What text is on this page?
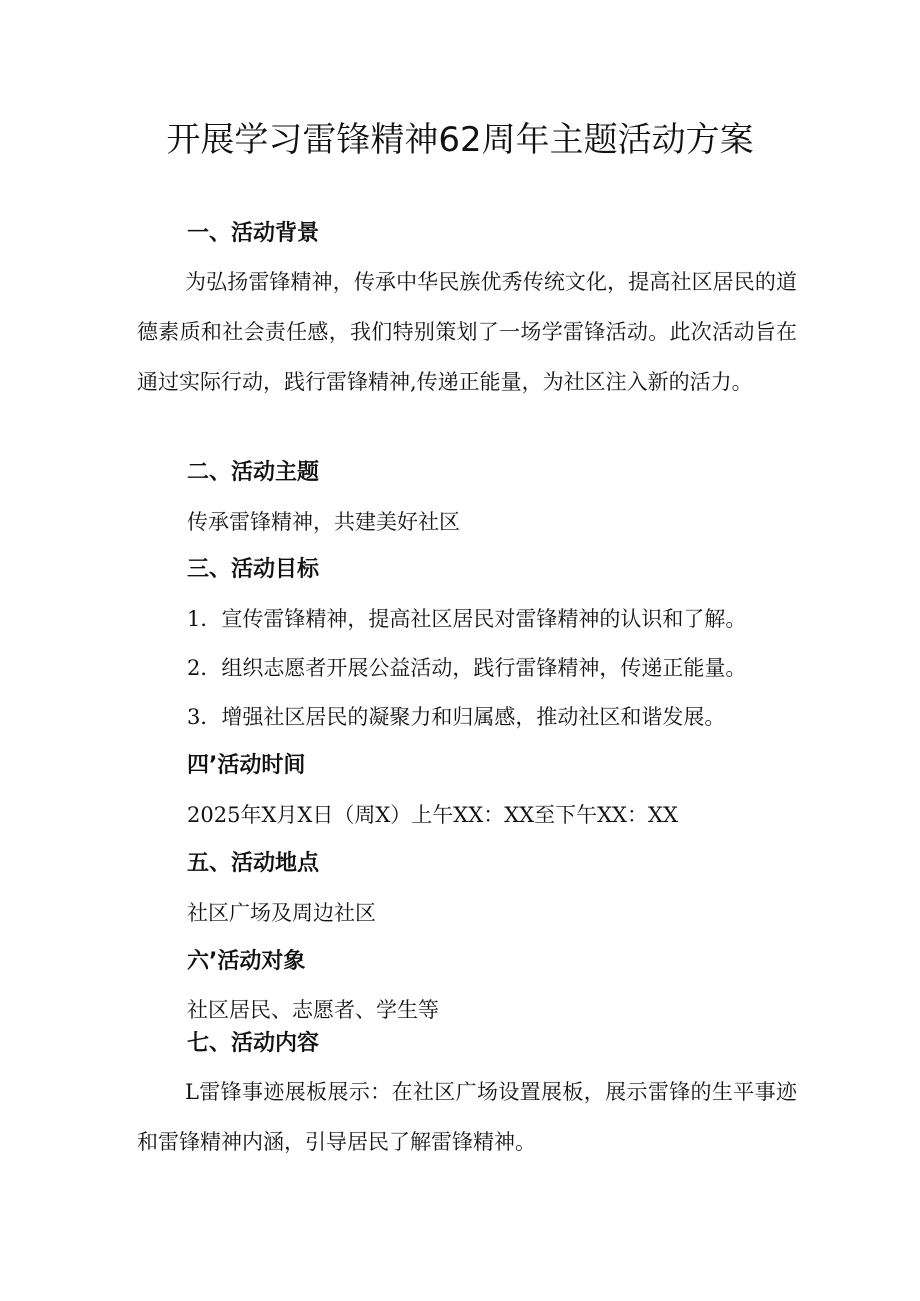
开展学习雷锋精神62周年主题活动方案
一、活动背景

为弘扬雷锋精神，传承中华民族优秀传统文化，提高社区居民的道德素质和社会责任感，我们特别策划了一场学雷锋活动。此次活动旨在通过实际行动，践行雷锋精神,传递正能量，为社区注入新的活力。

二、活动主题

传承雷锋精神，共建美好社区

三、活动目标

1．宣传雷锋精神，提高社区居民对雷锋精神的认识和了解。

2．组织志愿者开展公益活动，践行雷锋精神，传递正能量。

3．增强社区居民的凝聚力和归属感，推动社区和谐发展。

四’活动时间

2025年X月X日（周X）上午XX：XX至下午XX：XX

五、活动地点

社区广场及周边社区

六’活动对象

社区居民、志愿者、学生等

七、活动内容

L雷锋事迹展板展示：在社区广场设置展板，展示雷锋的生平事迹和雷锋精神内涵，引导居民了解雷锋精神。
